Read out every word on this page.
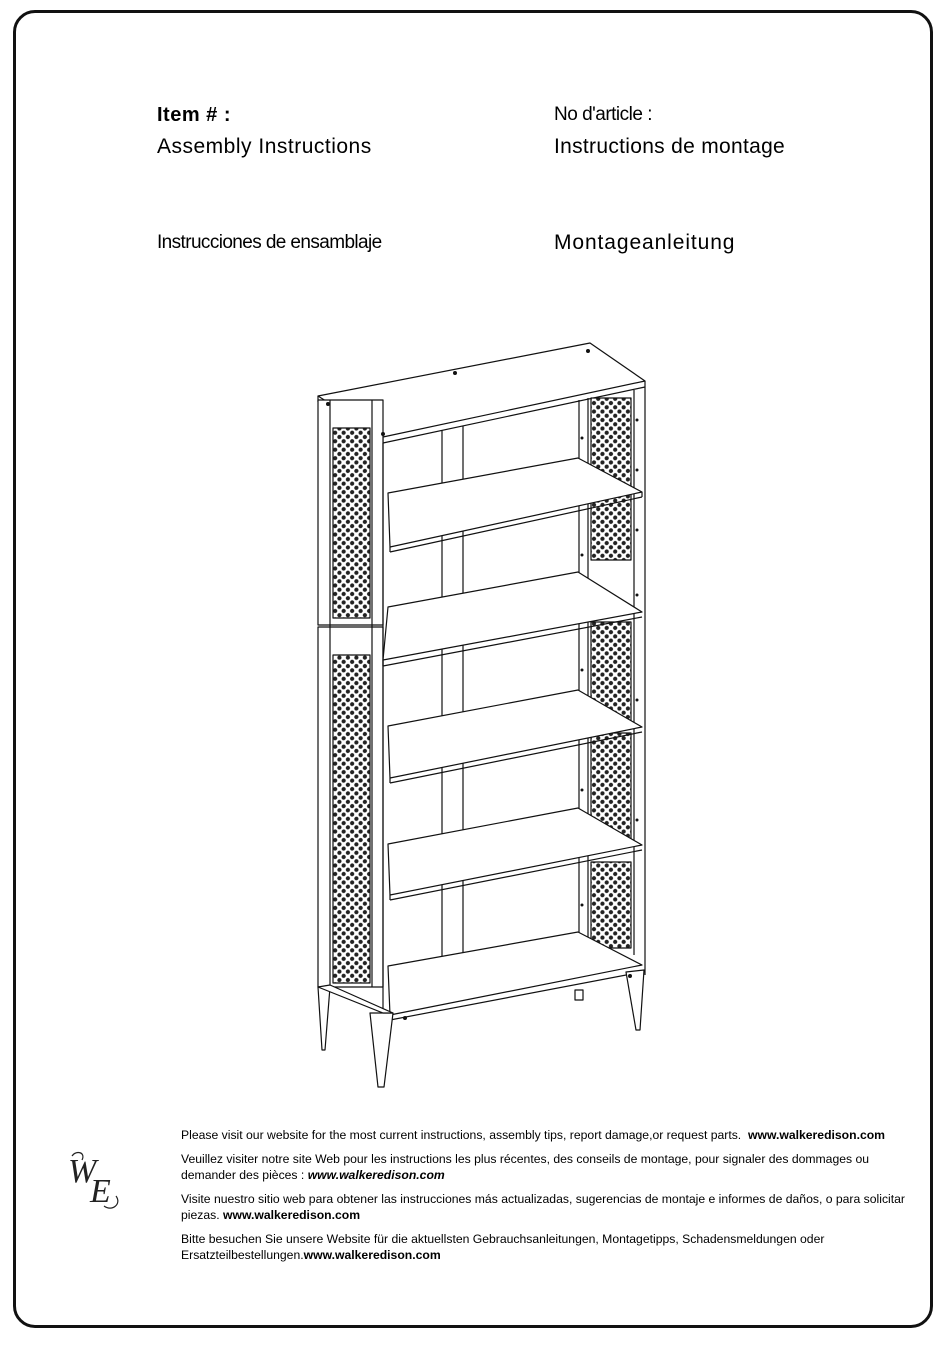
Item # :	No d'article :
Assembly Instructions	Instructions de montage
Instrucciones de ensamblaje	Montageanleitung
W
E

Please visit our website for the most current instructions, assembly tips, report damage,or request parts. www.walkeredison.com

Veuillez visiter notre site Web pour les instructions les plus récentes, des conseils de montage, pour signaler des dommages ou demander des pièces : www.walkeredison.com

Visite nuestro sitio web para obtener las instrucciones más actualizadas, sugerencias de montaje e informes de daños, o para solicitar piezas. www.walkeredison.com

Bitte besuchen Sie unsere Website für die aktuellsten Gebrauchsanleitungen, Montagetipps, Schadensmeldungen oder Ersatzteilbestellungen.www.walkeredison.com
